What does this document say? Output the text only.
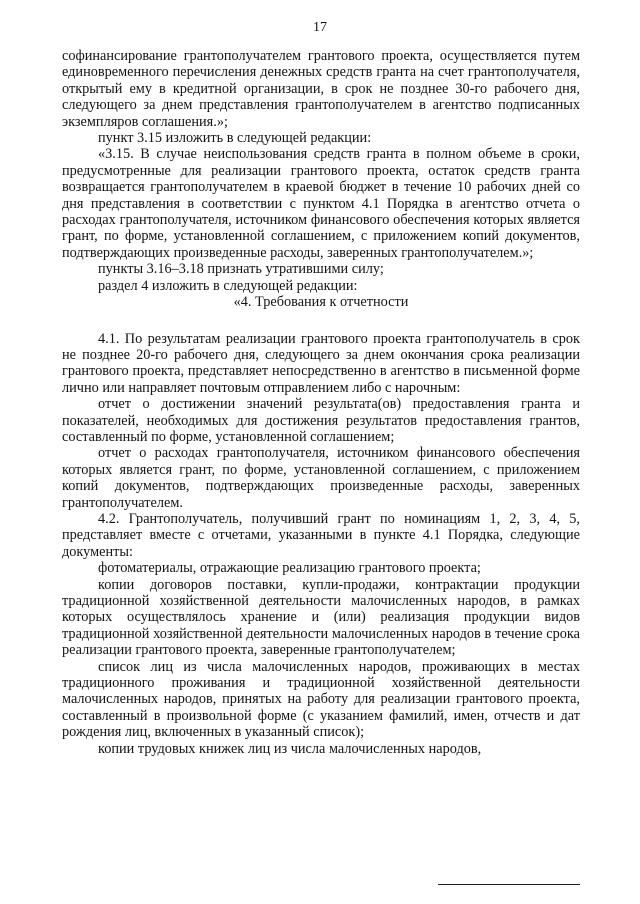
17

софинансирование грантополучателем грантового проекта, осуществляется путем единовременного перечисления денежных средств гранта на счет грантополучателя, открытый ему в кредитной организации, в срок не позднее 30-го рабочего дня, следующего за днем представления грантополучателем в агентство подписанных экземпляров соглашения.»;

пункт 3.15 изложить в следующей редакции:

«3.15. В случае неиспользования средств гранта в полном объеме в сроки, предусмотренные для реализации грантового проекта, остаток средств гранта возвращается грантополучателем в краевой бюджет в течение 10 рабочих дней со дня представления в соответствии с пунктом 4.1 Порядка в агентство отчета о расходах грантополучателя, источником финансового обеспечения которых является грант, по форме, установленной соглашением, с приложением копий документов, подтверждающих произведенные расходы, заверенных грантополучателем.»;

пункты 3.16–3.18 признать утратившими силу;

раздел 4 изложить в следующей редакции:

«4. Требования к отчетности

4.1. По результатам реализации грантового проекта грантополучатель в срок не позднее 20-го рабочего дня, следующего за днем окончания срока реализации грантового проекта, представляет непосредственно в агентство в письменной форме лично или направляет почтовым отправлением либо с нарочным:

отчет о достижении значений результата(ов) предоставления гранта и показателей, необходимых для достижения результатов предоставления грантов, составленный по форме, установленной соглашением;

отчет о расходах грантополучателя, источником финансового обеспечения которых является грант, по форме, установленной соглашением, с приложением копий документов, подтверждающих произведенные расходы, заверенных грантополучателем.

4.2. Грантополучатель, получивший грант по номинациям 1, 2, 3, 4, 5, представляет вместе с отчетами, указанными в пункте 4.1 Порядка, следующие документы:

фотоматериалы, отражающие реализацию грантового проекта;

копии договоров поставки, купли-продажи, контрактации продукции традиционной хозяйственной деятельности малочисленных народов, в рамках которых осуществлялось хранение и (или) реализация продукции видов традиционной хозяйственной деятельности малочисленных народов в течение срока реализации грантового проекта, заверенные грантополучателем;

список лиц из числа малочисленных народов, проживающих в местах традиционного проживания и традиционной хозяйственной деятельности малочисленных народов, принятых на работу для реализации грантового проекта, составленный в произвольной форме (с указанием фамилий, имен, отчеств и дат рождения лиц, включенных в указанный список);

копии трудовых книжек лиц из числа малочисленных народов,
